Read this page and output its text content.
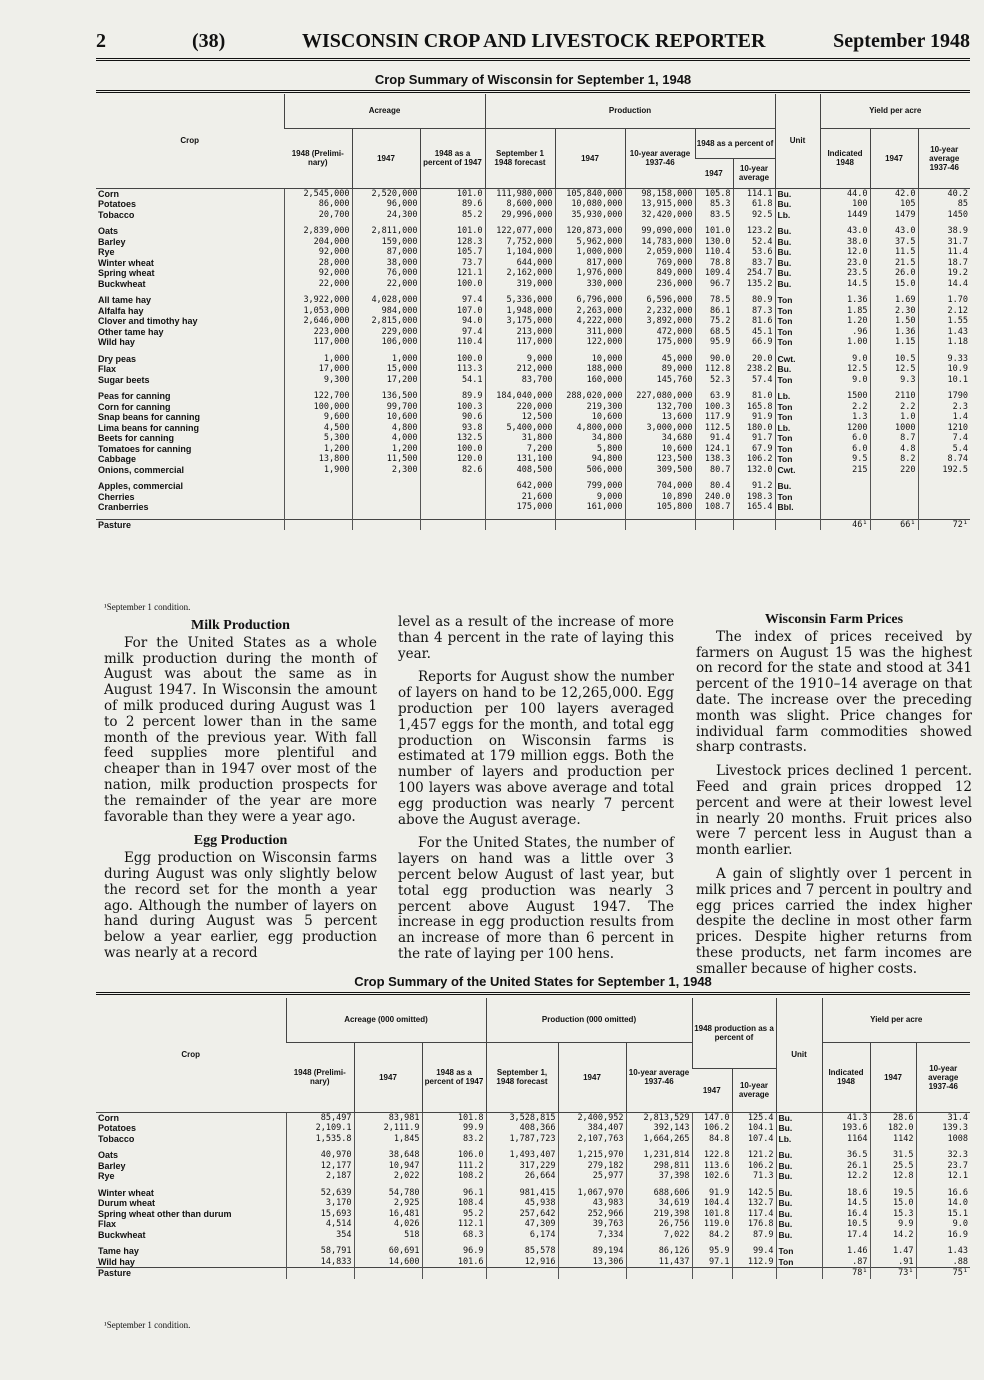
2	(38)	WISCONSIN CROP AND LIVESTOCK REPORTER	September 1948
Crop Summary of Wisconsin for September 1, 1948
Crop	Acreage			Production					Unit	Yield per acre		
	1948 (Prelimi-nary)	1947	1948 as a percent of 1947	September 1 1948 forecast	1947	10-year average 1937-46	1948 as a percent of			Indicated 1948	1947	10-year average 1937-46
							1947	10-year average				
Corn	2,545,000	2,520,000	101.0	111,980,000	105,840,000	98,158,000	105.8	114.1	Bu.	44.0	42.0	40.2
Potatoes	86,000	96,000	89.6	8,600,000	10,080,000	13,915,000	85.3	61.8	Bu.	100	105	85
Tobacco	20,700	24,300	85.2	29,996,000	35,930,000	32,420,000	83.5	92.5	Lb.	1449	1479	1450

Oats	2,839,000	2,811,000	101.0	122,077,000	120,873,000	99,090,000	101.0	123.2	Bu.	43.0	43.0	38.9
Barley	204,000	159,000	128.3	7,752,000	5,962,000	14,783,000	130.0	52.4	Bu.	38.0	37.5	31.7
Rye	92,000	87,000	105.7	1,104,000	1,000,000	2,059,000	110.4	53.6	Bu.	12.0	11.5	11.4
Winter wheat	28,000	38,000	73.7	644,000	817,000	769,000	78.8	83.7	Bu.	23.0	21.5	18.7
Spring wheat	92,000	76,000	121.1	2,162,000	1,976,000	849,000	109.4	254.7	Bu.	23.5	26.0	19.2
Buckwheat	22,000	22,000	100.0	319,000	330,000	236,000	96.7	135.2	Bu.	14.5	15.0	14.4

All tame hay	3,922,000	4,028,000	97.4	5,336,000	6,796,000	6,596,000	78.5	80.9	Ton	1.36	1.69	1.70
Alfalfa hay	1,053,000	984,000	107.0	1,948,000	2,263,000	2,232,000	86.1	87.3	Ton	1.85	2.30	2.12
Clover and timothy hay	2,646,000	2,815,000	94.0	3,175,000	4,222,000	3,892,000	75.2	81.6	Ton	1.20	1.50	1.55
Other tame hay	223,000	229,000	97.4	213,000	311,000	472,000	68.5	45.1	Ton	.96	1.36	1.43
Wild hay	117,000	106,000	110.4	117,000	122,000	175,000	95.9	66.9	Ton	1.00	1.15	1.18

Dry peas	1,000	1,000	100.0	9,000	10,000	45,000	90.0	20.0	Cwt.	9.0	10.5	9.33
Flax	17,000	15,000	113.3	212,000	188,000	89,000	112.8	238.2	Bu.	12.5	12.5	10.9
Sugar beets	9,300	17,200	54.1	83,700	160,000	145,760	52.3	57.4	Ton	9.0	9.3	10.1

Peas for canning	122,700	136,500	89.9	184,040,000	288,020,000	227,080,000	63.9	81.0	Lb.	1500	2110	1790
Corn for canning	100,000	99,700	100.3	220,000	219,300	132,700	100.3	165.8	Ton	2.2	2.2	2.3
Snap beans for canning	9,600	10,600	90.6	12,500	10,600	13,600	117.9	91.9	Ton	1.3	1.0	1.4
Lima beans for canning	4,500	4,800	93.8	5,400,000	4,800,000	3,000,000	112.5	180.0	Lb.	1200	1000	1210
Beets for canning	5,300	4,000	132.5	31,800	34,800	34,680	91.4	91.7	Ton	6.0	8.7	7.4
Tomatoes for canning	1,200	1,200	100.0	7,200	5,800	10,600	124.1	67.9	Ton	6.0	4.8	5.4
Cabbage	13,800	11,500	120.0	131,100	94,800	123,500	138.3	106.2	Ton	9.5	8.2	8.74
Onions, commercial	1,900	2,300	82.6	408,500	506,000	309,500	80.7	132.0	Cwt.	215	220	192.5

Apples, commercial				642,000	799,000	704,000	80.4	91.2	Bu.			
Cherries				21,600	9,000	10,890	240.0	198.3	Ton			
Cranberries				175,000	161,000	105,800	108.7	165.4	Bbl.			

Pasture										46¹	66¹	72¹
¹September 1 condition.
Milk Production

For the United States as a whole milk production during the month of August was about the same as in August 1947. In Wisconsin the amount of milk produced during August was 1 to 2 percent lower than in the same month of the previous year. With fall feed supplies more plentiful and cheaper than in 1947 over most of the nation, milk production prospects for the remainder of the year are more favorable than they were a year ago.

Egg Production

Egg production on Wisconsin farms during August was only slightly below the record set for the month a year ago. Although the number of layers on hand during August was 5 percent below a year earlier, egg production was nearly at a record

level as a result of the increase of more than 4 percent in the rate of laying this year.

Reports for August show the number of layers on hand to be 12,265,000. Egg production per 100 layers averaged 1,457 eggs for the month, and total egg production on Wisconsin farms is estimated at 179 million eggs. Both the number of layers and production per 100 layers was above average and total egg production was nearly 7 percent above the August average.

For the United States, the number of layers on hand was a little over 3 percent below August of last year, but total egg production was nearly 3 percent above August 1947. The increase in egg production results from an increase of more than 6 percent in the rate of laying per 100 hens.

Wisconsin Farm Prices

The index of prices received by farmers on August 15 was the highest on record for the state and stood at 341 percent of the 1910–14 average on that date. The increase over the preceding month was slight. Price changes for individual farm commodities showed sharp contrasts.

Livestock prices declined 1 percent. Feed and grain prices dropped 12 percent and were at their lowest level in nearly 20 months. Fruit prices also were 7 percent less in August than a month earlier.

A gain of slightly over 1 percent in milk prices and 7 percent in poultry and egg prices carried the index higher despite the decline in most other farm prices. Despite higher returns from these products, net farm incomes are smaller because of higher costs.

Crop Summary of the United States for September 1, 1948
Crop	Acreage (000 omitted)			Production (000 omitted)			1948 production as a percent of		Unit	Yield per acre		
	1948 (Prelimi-nary)	1947	1948 as a percent of 1947	September 1, 1948 forecast	1947	10-year average 1937-46				Indicated 1948	1947	10-year average 1937-46
							1947	10-year average				
Corn	85,497	83,981	101.8	3,528,815	2,400,952	2,813,529	147.0	125.4	Bu.	41.3	28.6	31.4
Potatoes	2,109.1	2,111.9	99.9	408,366	384,407	392,143	106.2	104.1	Bu.	193.6	182.0	139.3
Tobacco	1,535.8	1,845	83.2	1,787,723	2,107,763	1,664,265	84.8	107.4	Lb.	1164	1142	1008

Oats	40,970	38,648	106.0	1,493,407	1,215,970	1,231,814	122.8	121.2	Bu.	36.5	31.5	32.3
Barley	12,177	10,947	111.2	317,229	279,182	298,811	113.6	106.2	Bu.	26.1	25.5	23.7
Rye	2,187	2,022	108.2	26,664	25,977	37,398	102.6	71.3	Bu.	12.2	12.8	12.1

Winter wheat	52,639	54,780	96.1	981,415	1,067,970	688,606	91.9	142.5	Bu.	18.6	19.5	16.6
Durum wheat	3,170	2,925	108.4	45,938	43,983	34,619	104.4	132.7	Bu.	14.5	15.0	14.0
Spring wheat other than durum	15,693	16,481	95.2	257,642	252,966	219,398	101.8	117.4	Bu.	16.4	15.3	15.1
Flax	4,514	4,026	112.1	47,309	39,763	26,756	119.0	176.8	Bu.	10.5	9.9	9.0
Buckwheat	354	518	68.3	6,174	7,334	7,022	84.2	87.9	Bu.	17.4	14.2	16.9

Tame hay	58,791	60,691	96.9	85,578	89,194	86,126	95.9	99.4	Ton	1.46	1.47	1.43
Wild hay	14,833	14,600	101.6	12,916	13,306	11,437	97.1	112.9	Ton	.87	.91	.88
Pasture										78¹	73¹	75¹
¹September 1 condition.
